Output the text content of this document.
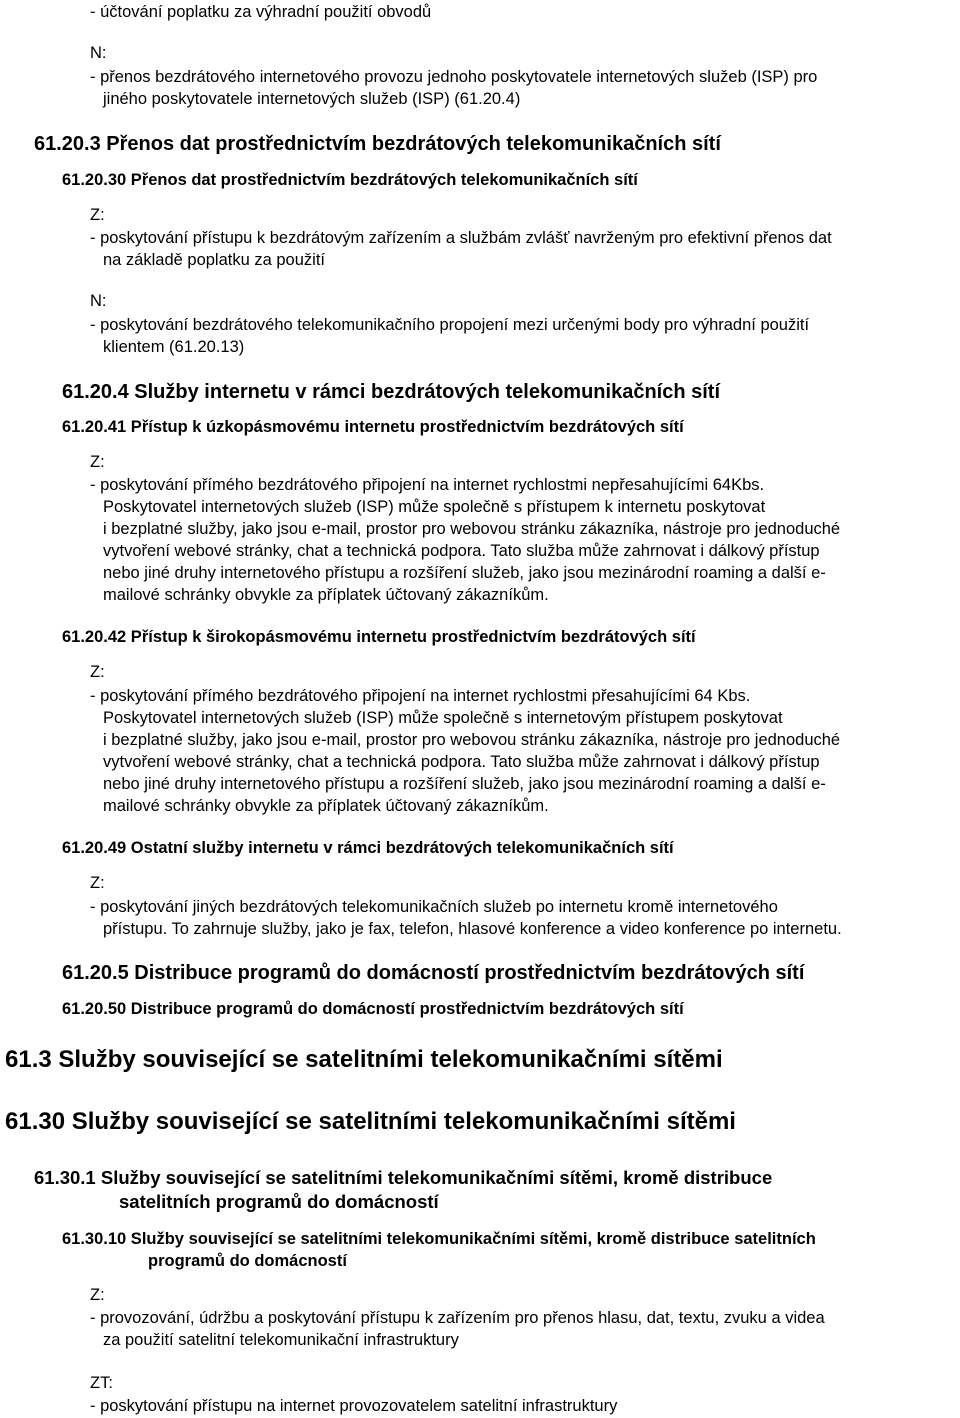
- účtování poplatku za výhradní použití obvodů

N:

- přenos bezdrátového internetového provozu jednoho poskytovatele internetových služeb (ISP) pro

jiného poskytovatele internetových služeb (ISP) (61.20.4)

61.20.3 Přenos dat prostřednictvím bezdrátových telekomunikačních sítí

61.20.30 Přenos dat prostřednictvím bezdrátových telekomunikačních sítí

Z:

- poskytování přístupu k bezdrátovým zařízením a službám zvlášť navrženým pro efektivní přenos dat

na základě poplatku za použití

N:

- poskytování bezdrátového telekomunikačního propojení mezi určenými body pro výhradní použití

klientem (61.20.13)

61.20.4 Služby internetu v rámci bezdrátových telekomunikačních sítí

61.20.41 Přístup k úzkopásmovému internetu prostřednictvím bezdrátových sítí

Z:

- poskytování přímého bezdrátového připojení na internet rychlostmi nepřesahujícími 64Kbs.

Poskytovatel internetových služeb (ISP) může společně s přístupem k internetu poskytovat

i bezplatné služby, jako jsou e-mail, prostor pro webovou stránku zákazníka, nástroje pro jednoduché

vytvoření webové stránky, chat a technická podpora. Tato služba může zahrnovat i dálkový přístup

nebo jiné druhy internetového přístupu a rozšíření služeb, jako jsou mezinárodní roaming a další e-

mailové schránky obvykle za příplatek účtovaný zákazníkům.

61.20.42 Přístup k širokopásmovému internetu prostřednictvím bezdrátových sítí

Z:

- poskytování přímého bezdrátového připojení na internet rychlostmi přesahujícími 64 Kbs.

Poskytovatel internetových služeb (ISP) může společně s internetovým přístupem poskytovat

i bezplatné služby, jako jsou e-mail, prostor pro webovou stránku zákazníka, nástroje pro jednoduché

vytvoření webové stránky, chat a technická podpora. Tato služba může zahrnovat i dálkový přístup

nebo jiné druhy internetového přístupu a rozšíření služeb, jako jsou mezinárodní roaming a další e-

mailové schránky obvykle za příplatek účtovaný zákazníkům.

61.20.49 Ostatní služby internetu v rámci bezdrátových telekomunikačních sítí

Z:

- poskytování jiných bezdrátových telekomunikačních služeb po internetu kromě internetového

přístupu. To zahrnuje služby, jako je fax, telefon, hlasové konference a video konference po internetu.

61.20.5 Distribuce programů do domácností prostřednictvím bezdrátových sítí

61.20.50 Distribuce programů do domácností prostřednictvím bezdrátových sítí

61.3 Služby související se satelitními telekomunikačními sítěmi

61.30 Služby související se satelitními telekomunikačními sítěmi

61.30.1 Služby související se satelitními telekomunikačními sítěmi, kromě distribuce

satelitních programů do domácností

61.30.10 Služby související se satelitními telekomunikačními sítěmi, kromě distribuce satelitních

programů do domácností

Z:

- provozování, údržbu a poskytování přístupu k zařízením pro přenos hlasu, dat, textu, zvuku a videa

za použití satelitní telekomunikační infrastruktury

ZT:

- poskytování přístupu na internet provozovatelem satelitní infrastruktury
